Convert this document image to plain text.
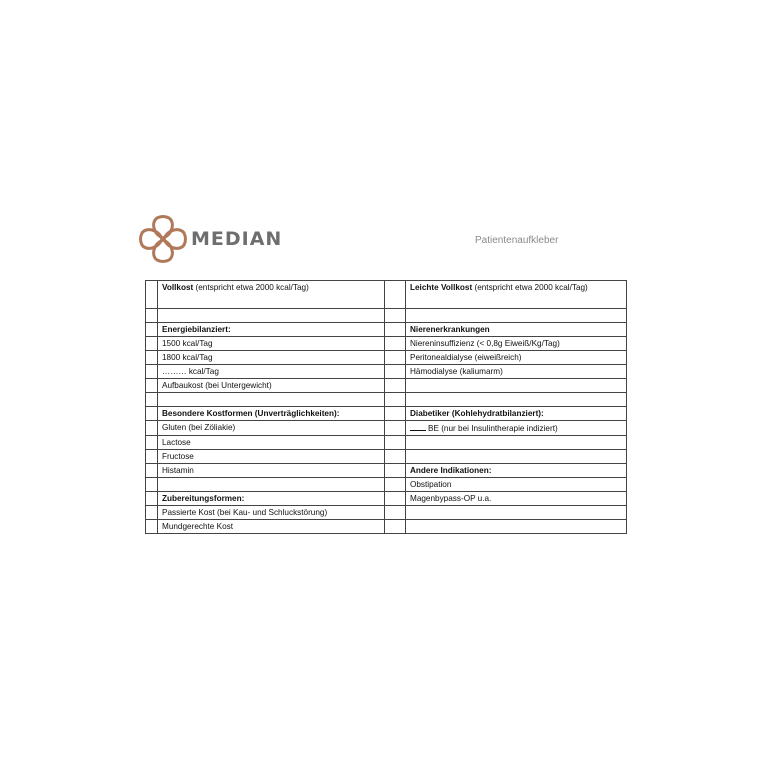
MEDIAN	Patientenaufkleber
	Vollkost (entspricht etwa 2000 kcal/Tag)		Leichte Vollkost (entspricht etwa 2000 kcal/Tag)

	Energiebilanziert:		Nierenerkrankungen
	1500 kcal/Tag		Niereninsuffizienz (< 0,8g Eiweiß/Kg/Tag)
	1800 kcal/Tag		Peritonealdialyse (eiweißreich)
	……… kcal/Tag		Hämodialyse (kaliumarm)
	Aufbaukost (bei Untergewicht)		

	Besondere Kostformen (Unverträglichkeiten):		Diabetiker (Kohlehydratbilanziert):
	Gluten (bei Zöliakie)		BE (nur bei Insulintherapie indiziert)
	Lactose		
	Fructose		
	Histamin		Andere Indikationen:
			Obstipation
	Zubereitungsformen:		Magenbypass-OP u.a.
	Passierte Kost (bei Kau- und Schluckstörung)		
	Mundgerechte Kost		
